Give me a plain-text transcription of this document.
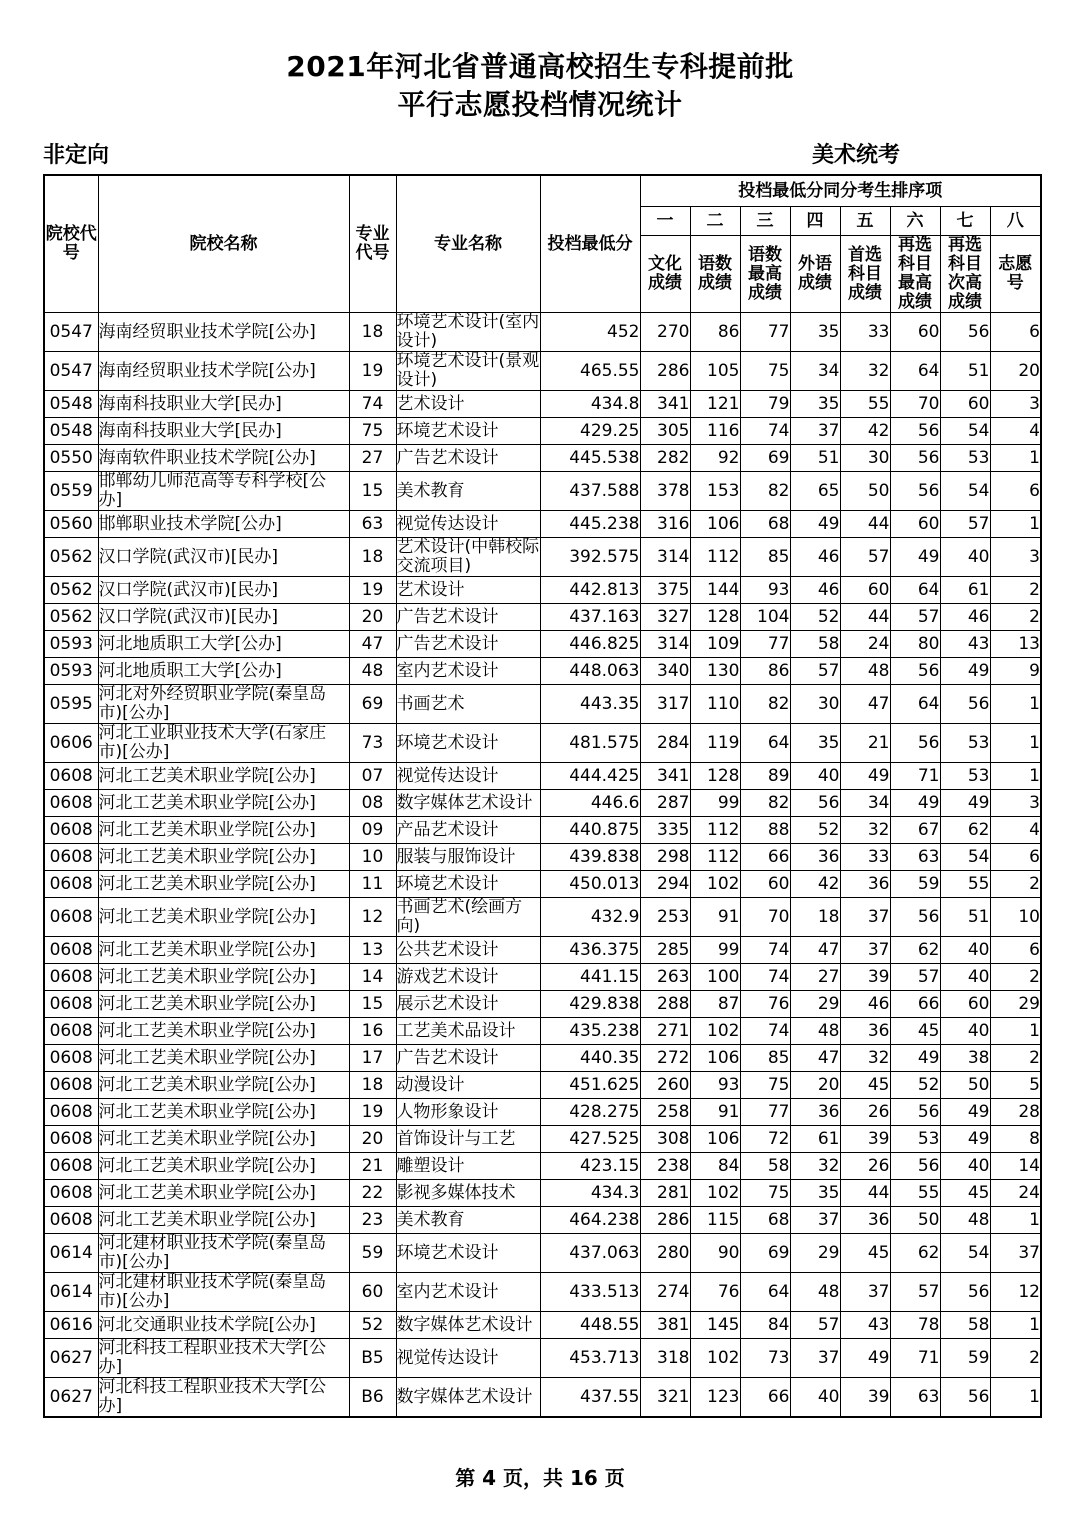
2021年河北省普通高校招生专科提前批
平行志愿投档情况统计
非定向	美术统考
院校代号	院校名称	专业代号	专业名称	投档最低分	投档最低分同分考生排序项							
					一	二	三	四	五	六	七	八
					文化成绩	语数成绩	语数最高成绩	外语成绩	首选科目成绩	再选科目最高成绩	再选科目次高成绩	志愿号
0547	海南经贸职业技术学院[公办]	18	环境艺术设计(室内设计)	452	270	86	77	35	33	60	56	6
0547	海南经贸职业技术学院[公办]	19	环境艺术设计(景观设计)	465.55	286	105	75	34	32	64	51	20
0548	海南科技职业大学[民办]	74	艺术设计	434.8	341	121	79	35	55	70	60	3
0548	海南科技职业大学[民办]	75	环境艺术设计	429.25	305	116	74	37	42	56	54	4
0550	海南软件职业技术学院[公办]	27	广告艺术设计	445.538	282	92	69	51	30	56	53	1
0559	邯郸幼儿师范高等专科学校[公办]	15	美术教育	437.588	378	153	82	65	50	56	54	6
0560	邯郸职业技术学院[公办]	63	视觉传达设计	445.238	316	106	68	49	44	60	57	1
0562	汉口学院(武汉市)[民办]	18	艺术设计(中韩校际交流项目)	392.575	314	112	85	46	57	49	40	3
0562	汉口学院(武汉市)[民办]	19	艺术设计	442.813	375	144	93	46	60	64	61	2
0562	汉口学院(武汉市)[民办]	20	广告艺术设计	437.163	327	128	104	52	44	57	46	2
0593	河北地质职工大学[公办]	47	广告艺术设计	446.825	314	109	77	58	24	80	43	13
0593	河北地质职工大学[公办]	48	室内艺术设计	448.063	340	130	86	57	48	56	49	9
0595	河北对外经贸职业学院(秦皇岛市)[公办]	69	书画艺术	443.35	317	110	82	30	47	64	56	1
0606	河北工业职业技术大学(石家庄市)[公办]	73	环境艺术设计	481.575	284	119	64	35	21	56	53	1
0608	河北工艺美术职业学院[公办]	07	视觉传达设计	444.425	341	128	89	40	49	71	53	1
0608	河北工艺美术职业学院[公办]	08	数字媒体艺术设计	446.6	287	99	82	56	34	49	49	3
0608	河北工艺美术职业学院[公办]	09	产品艺术设计	440.875	335	112	88	52	32	67	62	4
0608	河北工艺美术职业学院[公办]	10	服装与服饰设计	439.838	298	112	66	36	33	63	54	6
0608	河北工艺美术职业学院[公办]	11	环境艺术设计	450.013	294	102	60	42	36	59	55	2
0608	河北工艺美术职业学院[公办]	12	书画艺术(绘画方向)	432.9	253	91	70	18	37	56	51	10
0608	河北工艺美术职业学院[公办]	13	公共艺术设计	436.375	285	99	74	47	37	62	40	6
0608	河北工艺美术职业学院[公办]	14	游戏艺术设计	441.15	263	100	74	27	39	57	40	2
0608	河北工艺美术职业学院[公办]	15	展示艺术设计	429.838	288	87	76	29	46	66	60	29
0608	河北工艺美术职业学院[公办]	16	工艺美术品设计	435.238	271	102	74	48	36	45	40	1
0608	河北工艺美术职业学院[公办]	17	广告艺术设计	440.35	272	106	85	47	32	49	38	2
0608	河北工艺美术职业学院[公办]	18	动漫设计	451.625	260	93	75	20	45	52	50	5
0608	河北工艺美术职业学院[公办]	19	人物形象设计	428.275	258	91	77	36	26	56	49	28
0608	河北工艺美术职业学院[公办]	20	首饰设计与工艺	427.525	308	106	72	61	39	53	49	8
0608	河北工艺美术职业学院[公办]	21	雕塑设计	423.15	238	84	58	32	26	56	40	14
0608	河北工艺美术职业学院[公办]	22	影视多媒体技术	434.3	281	102	75	35	44	55	45	24
0608	河北工艺美术职业学院[公办]	23	美术教育	464.238	286	115	68	37	36	50	48	1
0614	河北建材职业技术学院(秦皇岛市)[公办]	59	环境艺术设计	437.063	280	90	69	29	45	62	54	37
0614	河北建材职业技术学院(秦皇岛市)[公办]	60	室内艺术设计	433.513	274	76	64	48	37	57	56	12
0616	河北交通职业技术学院[公办]	52	数字媒体艺术设计	448.55	381	145	84	57	43	78	58	1
0627	河北科技工程职业技术大学[公办]	B5	视觉传达设计	453.713	318	102	73	37	49	71	59	2
0627	河北科技工程职业技术大学[公办]	B6	数字媒体艺术设计	437.55	321	123	66	40	39	63	56	1
第 4 页，共 16 页
